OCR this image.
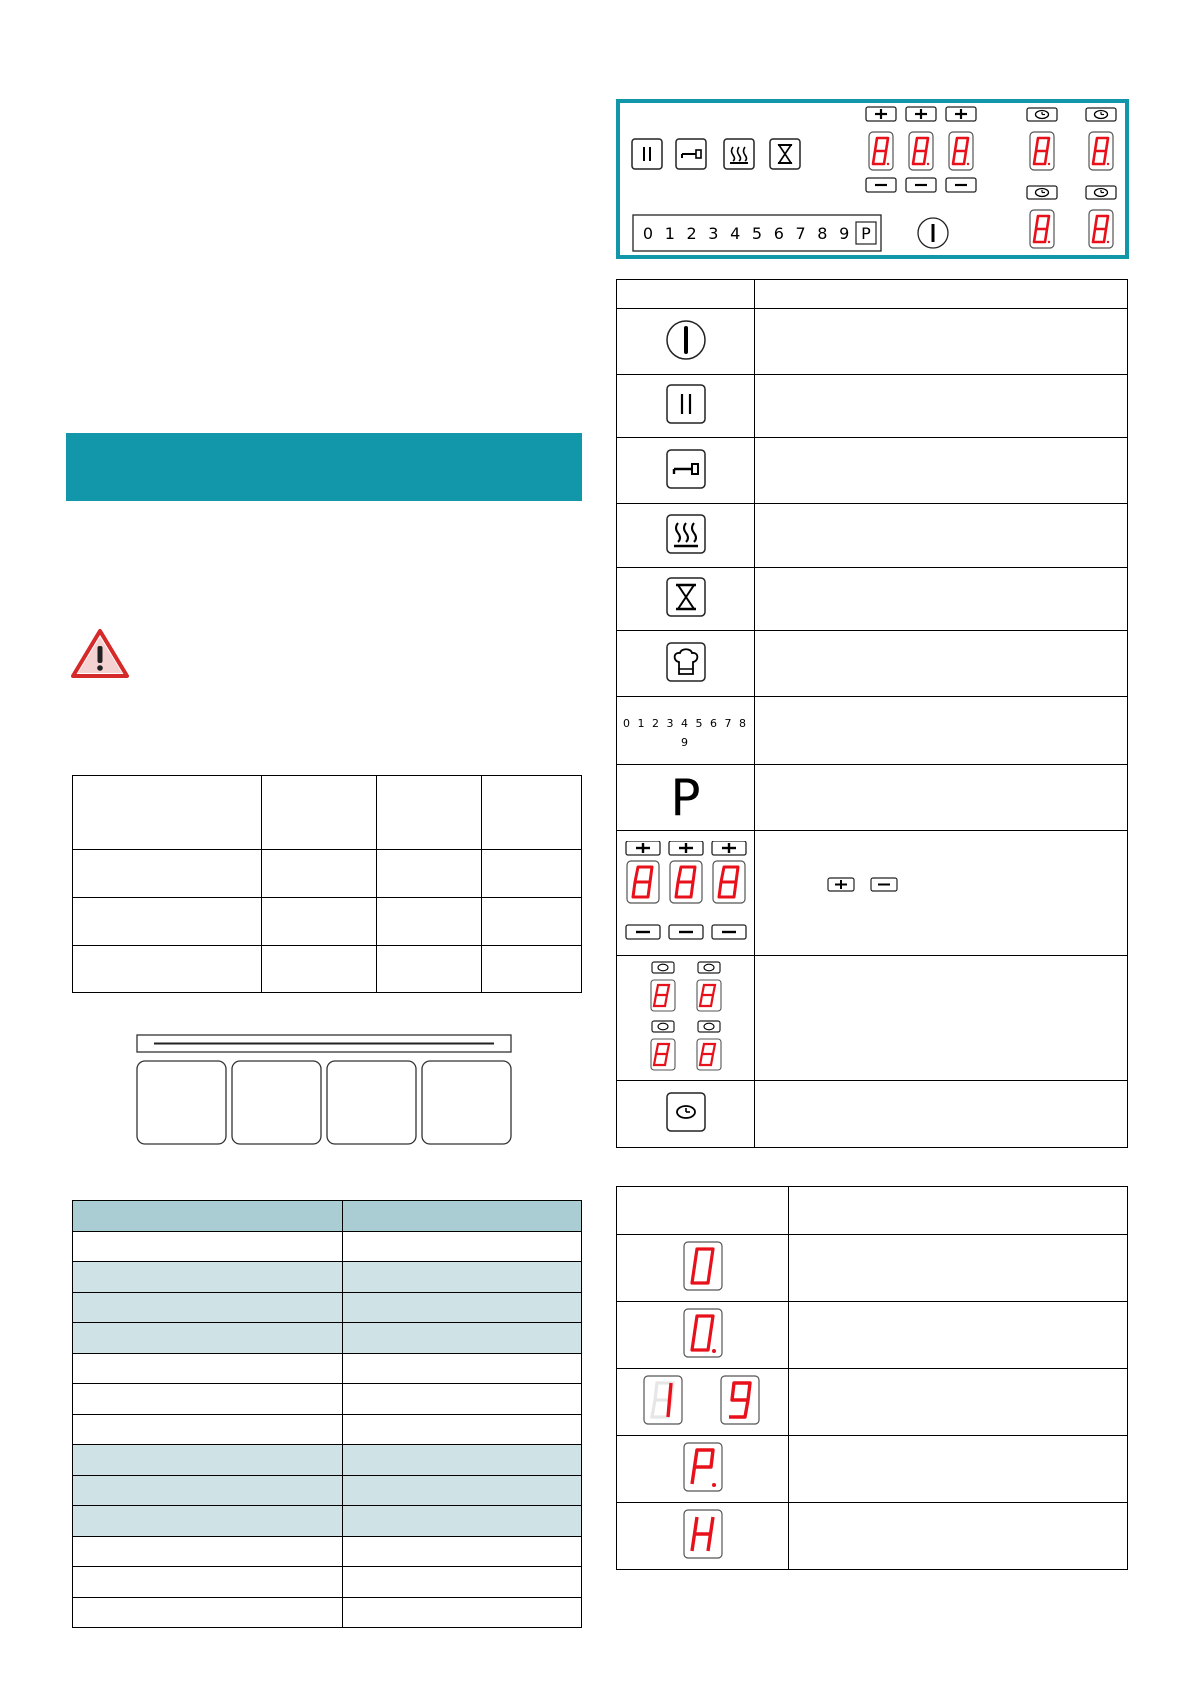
0 1 2 3 4 5 6 7 8 9 P

0 1 2 3 4 5 6 7 8 9	
P	
